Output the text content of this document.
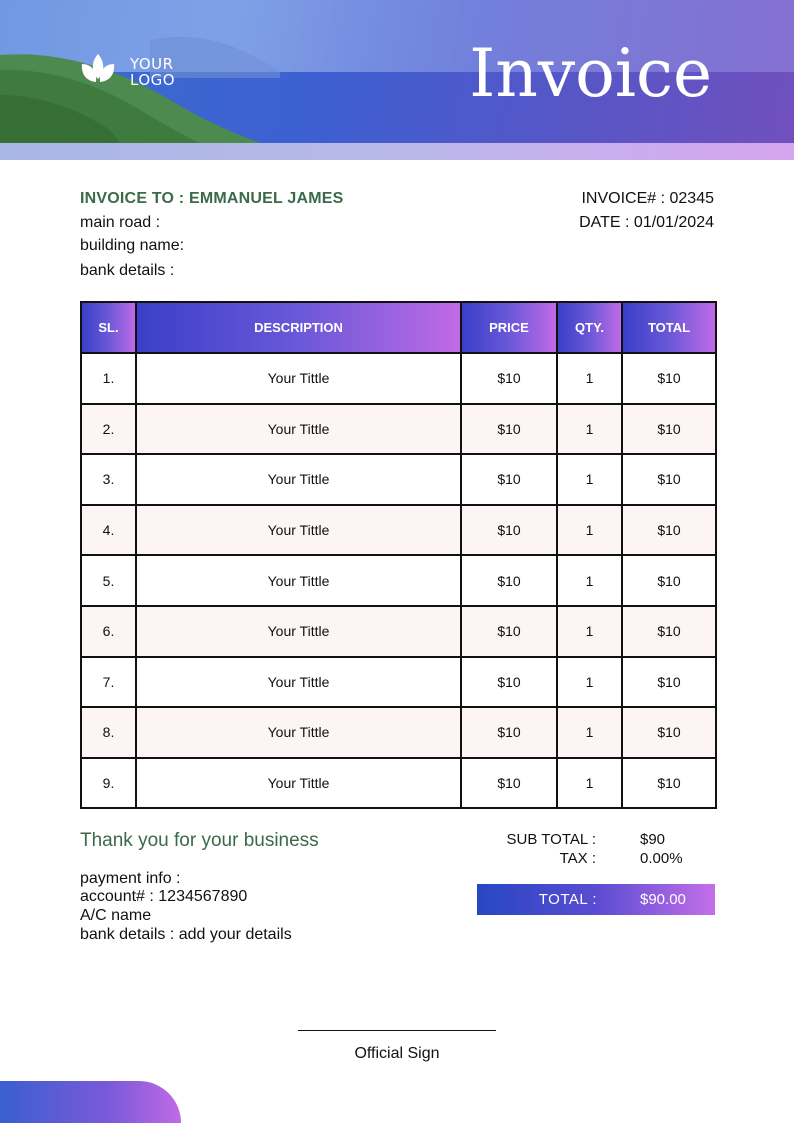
YOUR
LOGO	Invoice
INVOICE TO : EMMANUEL JAMES
main road :
building name:
bank details :
INVOICE# : 02345
DATE : 01/01/2024
SL.	DESCRIPTION	PRICE	QTY.	TOTAL
1.	Your Tittle	$10	1	$10
2.	Your Tittle	$10	1	$10
3.	Your Tittle	$10	1	$10
4.	Your Tittle	$10	1	$10
5.	Your Tittle	$10	1	$10
6.	Your Tittle	$10	1	$10
7.	Your Tittle	$10	1	$10
8.	Your Tittle	$10	1	$10
9.	Your Tittle	$10	1	$10
Thank you for your business
payment info :
account# : 1234567890
A/C name
bank details : add your details
SUB TOTAL :	$90
TAX :	0.00%
TOTAL :	$90.00
Official Sign
